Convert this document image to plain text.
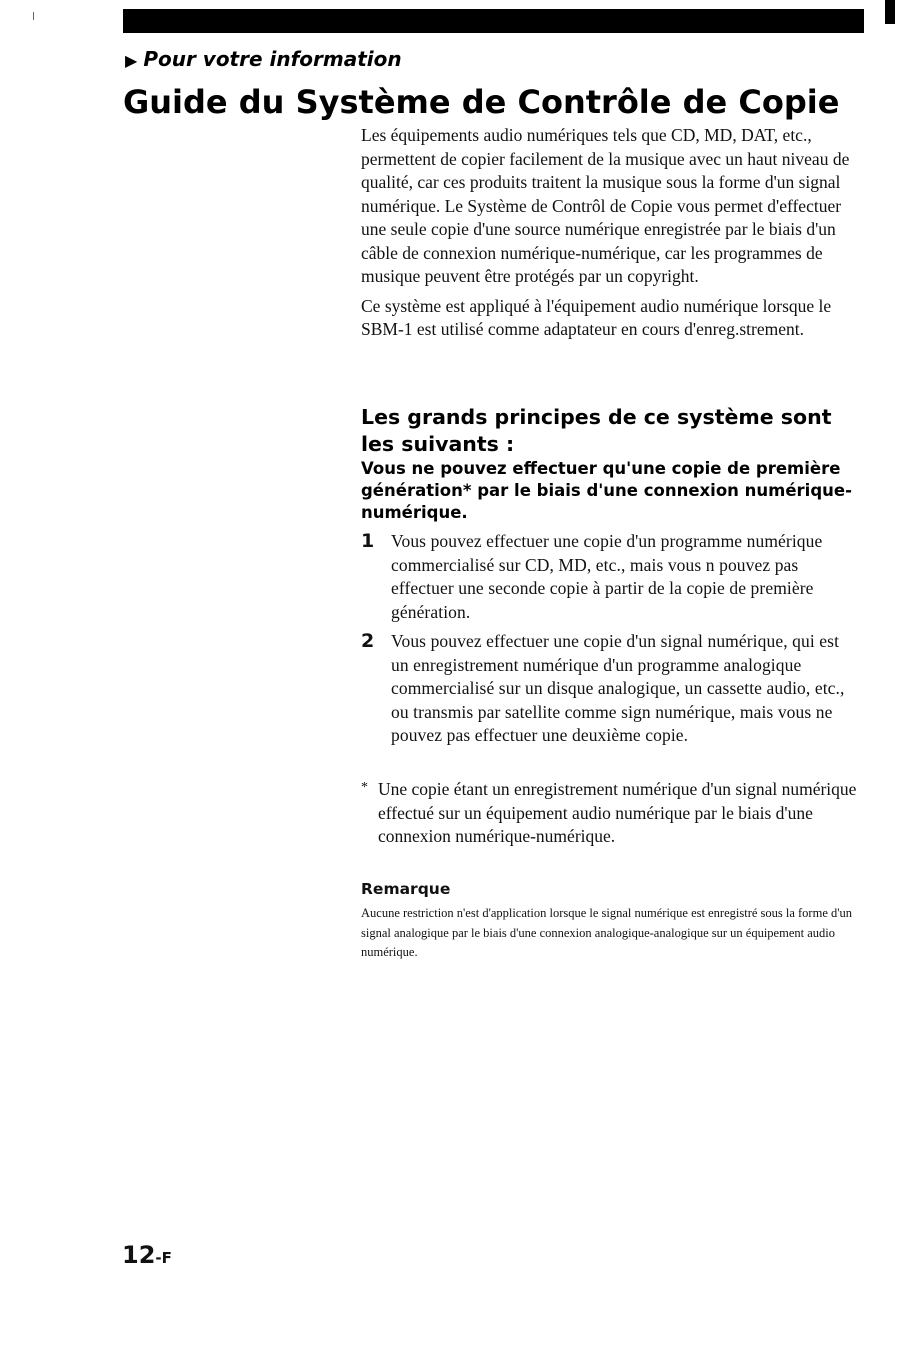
▶ Pour votre information
Guide du Système de Contrôle de Copie

Les équipements audio numériques tels que CD, MD, DAT, etc., permettent de copier facilement de la musique avec un haut niveau de qualité, car ces produits traitent la musique sous la forme d'un signal numérique. Le Système de Contrôl de Copie vous permet d'effectuer une seule copie d'une source numérique enregistrée par le biais d'un câble de connexion numérique-numérique, car les programmes de musique peuvent être protégés par un copyright.

Ce système est appliqué à l'équipement audio numérique lorsque le SBM-1 est utilisé comme adaptateur en cours d'enreg.strement.

Les grands principes de ce système sont les suivants :
Vous ne pouvez effectuer qu'une copie de première génération* par le biais d'une connexion numérique-numérique.
1 Vous pouvez effectuer une copie d'un programme numérique commercialisé sur CD, MD, etc., mais vous n pouvez pas effectuer une seconde copie à partir de la copie de première génération.

2 Vous pouvez effectuer une copie d'un signal numérique, qui est un enregistrement numérique d'un programme analogique commercialisé sur un disque analogique, un cassette audio, etc., ou transmis par satellite comme sign numérique, mais vous ne pouvez pas effectuer une deuxième copie.

* Une copie étant un enregistrement numérique d'un signal numérique effectué sur un équipement audio numérique par le biais d'une connexion numérique-numérique.

Remarque

Aucune restriction n'est d'application lorsque le signal numérique est enregistré sous la forme d'un signal analogique par le biais d'une connexion analogique-analogique sur un équipement audio numérique.

12-F
